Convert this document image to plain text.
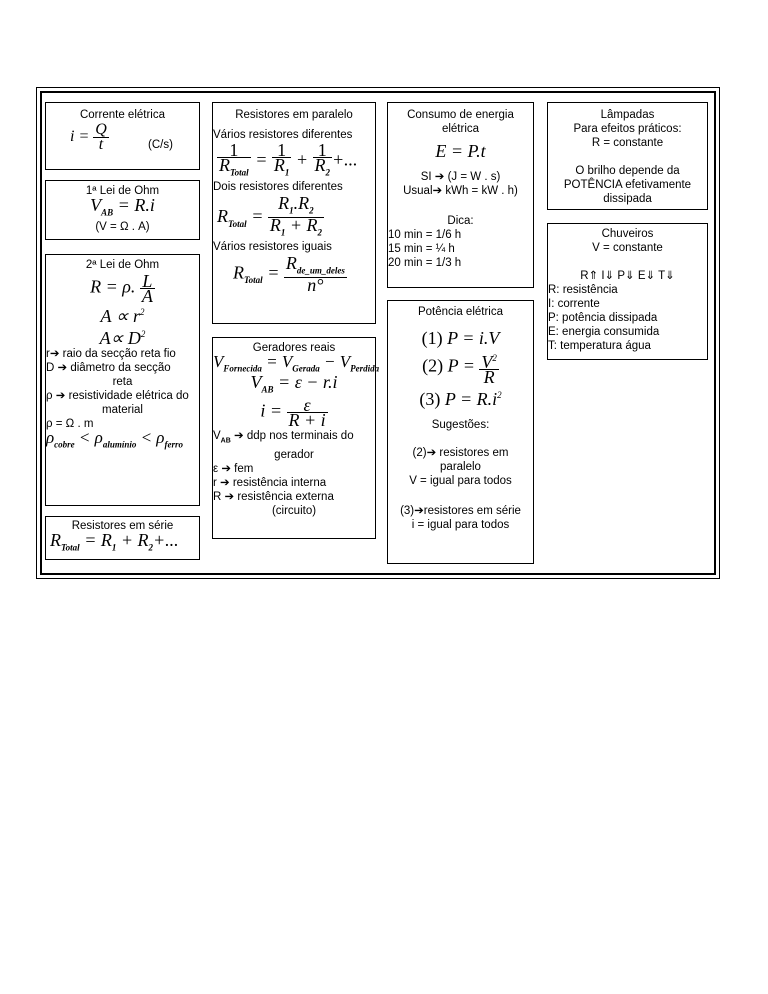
Corrente elétrica
$i = \frac{Q}{t}$	(C/s)
1ª Lei de Ohm
$V_{AB} = R.i$
(V = Ω . A)
2ª Lei de Ohm
R = ρ. $\frac{L}{A}$
$A \propto r^2$
$A\propto D^2$
r➔ raio da secção reta fio
D ➔ diâmetro da secção
reta
ρ ➔ resistividade elétrica do
material
ρ = Ω . m
$\rho_{cobre} < \rho_{alumínio} < \rho_{ferro}$
Resistores em série
$R_{Total} = R_1 + R_2+$...
Resistores em paralelo
Vários resistores diferentes
$\frac{1}{R_{Total}} = \frac{1}{R_1} + \frac{1}{R_2}$ +...
Dois resistores diferentes
$R_{Total} = \frac{R_1.R_2}{R_1 + R_2}$
Vários resistores iguais
$R_{Total} = \frac{R_{de\_um\_deles}}{n^\circ}$
Geradores reais
$V_{Fornecida} = V_{Gerada} - V_{Perdida}$
$V_{AB} = \varepsilon - r.i$
$i = \frac{\varepsilon}{R + i}$
$V_{AB}$ ➔ ddp nos terminais do
gerador
ε ➔ fem
r ➔ resistência interna
R ➔ resistência externa
(circuito)
Consumo de energia
elétrica
E = P.t
SI ➔ (J = W . s)
Usual➔ kWh = kW . h)
Dica:
10 min = 1/6 h
15 min = ¼ h
20 min = 1/3 h
Potência elétrica
(1) P = i.V
(2) $P = \frac{V^2}{R}$
(3) $P = R.i^2$
Sugestões:
(2)➔ resistores em
paralelo
V = igual para todos
(3)➔resistores em série
i = igual para todos
Lâmpadas
Para efeitos práticos:
R = constante
O brilho depende da
POTÊNCIA efetivamente
dissipada
Chuveiros
V = constante
R⇑ I⇓ P⇓ E⇓ T⇓
R: resistência
I: corrente
P: potência dissipada
E: energia consumida
T: temperatura água
